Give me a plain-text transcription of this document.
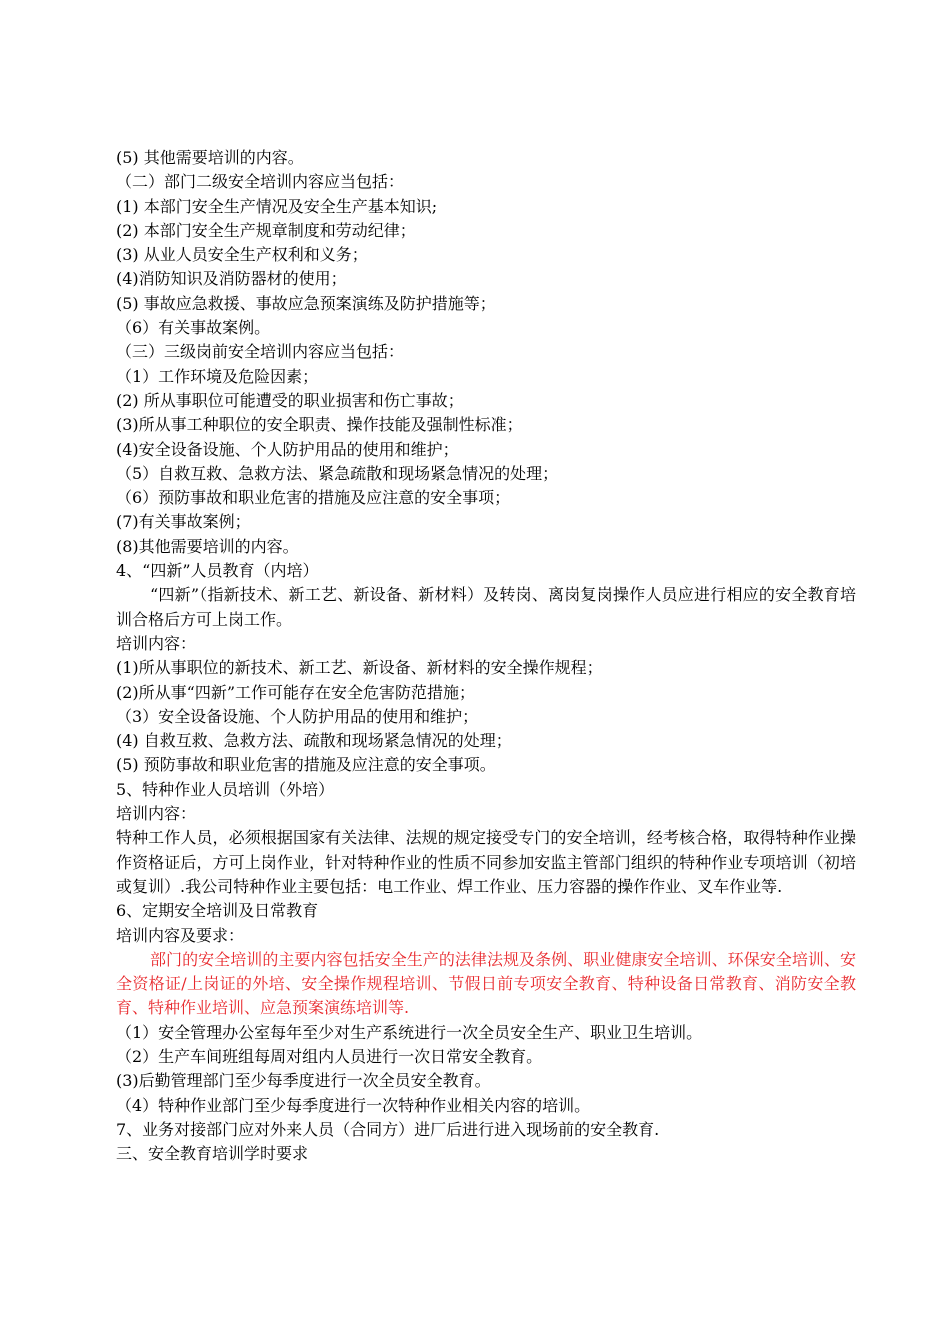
(5) 其他需要培训的内容。
（二）部门二级安全培训内容应当包括：
(1) 本部门安全生产情况及安全生产基本知识;
(2) 本部门安全生产规章制度和劳动纪律；
(3) 从业人员安全生产权利和义务；
(4)消防知识及消防器材的使用；
(5) 事故应急救援、事故应急预案演练及防护措施等；
（6）有关事故案例。
（三）三级岗前安全培训内容应当包括：
（1）工作环境及危险因素；
(2) 所从事职位可能遭受的职业损害和伤亡事故；
(3)所从事工种职位的安全职责、操作技能及强制性标准；
(4)安全设备设施、个人防护用品的使用和维护；
（5）自救互救、急救方法、紧急疏散和现场紧急情况的处理；
（6）预防事故和职业危害的措施及应注意的安全事项；
(7)有关事故案例；
(8)其他需要培训的内容。
4、“四新”人员教育（内培）
“四新”（指新技术、新工艺、新设备、新材料）及转岗、离岗复岗操作人员应进行相应的安全教育培训合格后方可上岗工作。
培训内容：
(1)所从事职位的新技术、新工艺、新设备、新材料的安全操作规程；
(2)所从事“四新”工作可能存在安全危害防范措施；
（3）安全设备设施、个人防护用品的使用和维护；
(4) 自救互救、急救方法、疏散和现场紧急情况的处理；
(5) 预防事故和职业危害的措施及应注意的安全事项。
5、特种作业人员培训（外培）
培训内容：
特种工作人员，必须根据国家有关法律、法规的规定接受专门的安全培训，经考核合格，取得特种作业操作资格证后，方可上岗作业，针对特种作业的性质不同参加安监主管部门组织的特种作业专项培训（初培或复训）.我公司特种作业主要包括：电工作业、焊工作业、压力容器的操作作业、叉车作业等.
6、定期安全培训及日常教育
培训内容及要求：
部门的安全培训的主要内容包括安全生产的法律法规及条例、职业健康安全培训、环保安全培训、安全资格证/上岗证的外培、安全操作规程培训、节假日前专项安全教育、特种设备日常教育、消防安全教育、特种作业培训、应急预案演练培训等.
（1）安全管理办公室每年至少对生产系统进行一次全员安全生产、职业卫生培训。
（2）生产车间班组每周对组内人员进行一次日常安全教育。
(3)后勤管理部门至少每季度进行一次全员安全教育。
（4）特种作业部门至少每季度进行一次特种作业相关内容的培训。
7、业务对接部门应对外来人员（合同方）进厂后进行进入现场前的安全教育.
三、安全教育培训学时要求
